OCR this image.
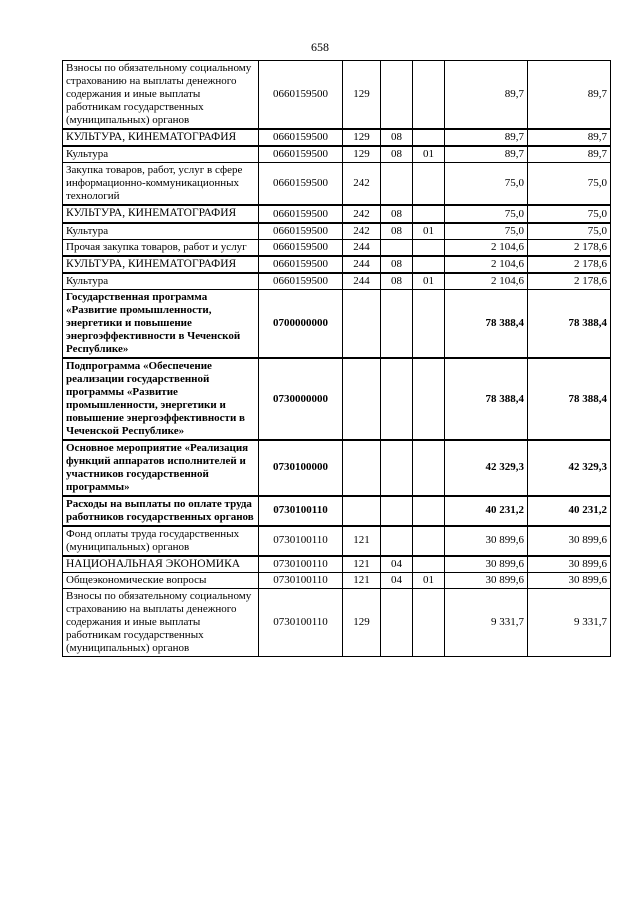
658
Взносы по обязательному социальному страхованию на выплаты денежного содержания и иные выплаты работникам государственных (муниципальных) органов	0660159500	129			89,7	89,7
КУЛЬТУРА, КИНЕМАТОГРАФИЯ	0660159500	129	08		89,7	89,7
Культура	0660159500	129	08	01	89,7	89,7
Закупка товаров, работ, услуг в сфере информационно-коммуникационных технологий	0660159500	242			75,0	75,0
КУЛЬТУРА, КИНЕМАТОГРАФИЯ	0660159500	242	08		75,0	75,0
Культура	0660159500	242	08	01	75,0	75,0
Прочая закупка товаров, работ и услуг	0660159500	244			2 104,6	2 178,6
КУЛЬТУРА, КИНЕМАТОГРАФИЯ	0660159500	244	08		2 104,6	2 178,6
Культура	0660159500	244	08	01	2 104,6	2 178,6
Государственная программа «Развитие промышленности, энергетики и повышение энергоэффективности в Чеченской Республике»	0700000000				78 388,4	78 388,4
Подпрограмма «Обеспечение реализации государственной программы «Развитие промышленности, энергетики и повышение энергоэффективности в Чеченской Республике»	0730000000				78 388,4	78 388,4
Основное мероприятие «Реализация функций аппаратов исполнителей и участников государственной программы»	0730100000				42 329,3	42 329,3
Расходы на выплаты по оплате труда работников государственных органов	0730100110				40 231,2	40 231,2
Фонд оплаты труда государственных (муниципальных) органов	0730100110	121			30 899,6	30 899,6
НАЦИОНАЛЬНАЯ ЭКОНОМИКА	0730100110	121	04		30 899,6	30 899,6
Общеэкономические вопросы	0730100110	121	04	01	30 899,6	30 899,6
Взносы по обязательному социальному страхованию на выплаты денежного содержания и иные выплаты работникам государственных (муниципальных) органов	0730100110	129			9 331,7	9 331,7
